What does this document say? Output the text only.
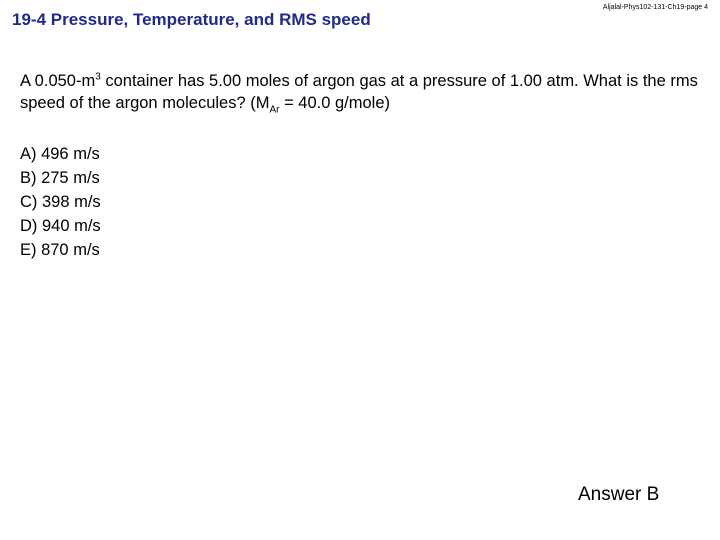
19-4 Pressure, Temperature, and RMS speed
Aljalal-Phys102-131-Ch19-page 4
A $0.050-m^3$ container has 5.00 moles of argon gas at a pressure of 1.00 atm. What is the rms speed of the argon molecules? ($M_{Ar} = 40.0$ g/mole)
A) 496 m/s
B) 275 m/s
C) 398 m/s
D) 940 m/s
E) 870 m/s
Answer B
